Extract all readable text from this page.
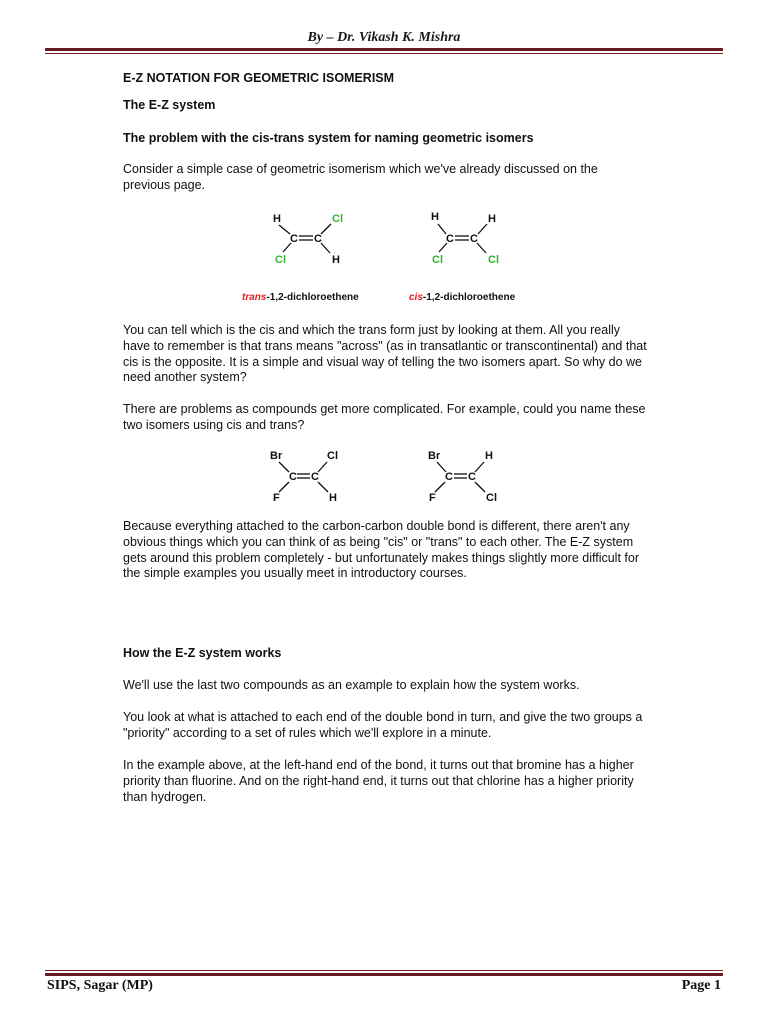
By – Dr. Vikash K. Mishra
E-Z NOTATION FOR GEOMETRIC ISOMERISM
The E-Z system
The problem with the cis-trans system for naming geometric isomers
Consider a simple case of geometric isomerism which we've already discussed on the previous page.
H	Cl
C C
Cl	H
trans-1,2-dichloroethene
H	H
C C
Cl	Cl
cis-1,2-dichloroethene
You can tell which is the cis and which the trans form just by looking at them. All you really have to remember is that trans means "across" (as in transatlantic or transcontinental) and that cis is the opposite. It is a simple and visual way of telling the two isomers apart. So why do we need another system?
There are problems as compounds get more complicated. For example, could you name these two isomers using cis and trans?
Br	Cl
C C
F	H
Br	H
C C
F	Cl
Because everything attached to the carbon-carbon double bond is different, there aren't any obvious things which you can think of as being "cis" or "trans" to each other. The E-Z system gets around this problem completely - but unfortunately makes things slightly more difficult for the simple examples you usually meet in introductory courses.
How the E-Z system works
We'll use the last two compounds as an example to explain how the system works.
You look at what is attached to each end of the double bond in turn, and give the two groups a "priority" according to a set of rules which we'll explore in a minute.
In the example above, at the left-hand end of the bond, it turns out that bromine has a higher priority than fluorine. And on the right-hand end, it turns out that chlorine has a higher priority than hydrogen.
SIPS, Sagar (MP)	Page 1
